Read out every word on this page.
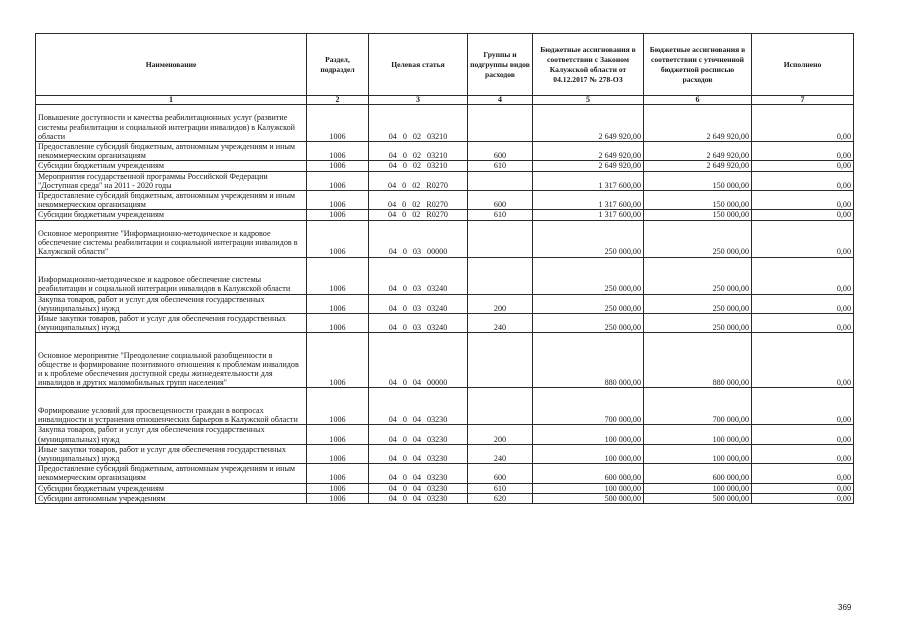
Наименование	Раздел, подраздел	Целевая статья	Группы и подгруппы видов расходов	Бюджетные ассигнования в соответствии с Законом Калужской области от 04.12.2017 № 278-ОЗ	Бюджетные ассигнования в соответствии с уточненной бюджетной росписью расходов	Исполнено
1	2	3	4	5	6	7
Повышение доступности и качества реабилитационных услуг (развитие системы реабилитации и социальной интеграции инвалидов) в Калужской области	1006	04 0 02 03210		2 649 920,00	2 649 920,00	0,00
Предоставление субсидий бюджетным, автономным учреждениям и иным некоммерческим организациям	1006	04 0 02 03210	600	2 649 920,00	2 649 920,00	0,00
Субсидии бюджетным учреждениям	1006	04 0 02 03210	610	2 649 920,00	2 649 920,00	0,00
Мероприятия государственной программы Российской Федерации "Доступная среда" на 2011 - 2020 годы	1006	04 0 02 R0270		1 317 600,00	150 000,00	0,00
Предоставление субсидий бюджетным, автономным учреждениям и иным некоммерческим организациям	1006	04 0 02 R0270	600	1 317 600,00	150 000,00	0,00
Субсидии бюджетным учреждениям	1006	04 0 02 R0270	610	1 317 600,00	150 000,00	0,00
Основное мероприятие "Информационно-методическое и кадровое обеспечение системы реабилитации и социальной интеграции инвалидов в Калужской области"	1006	04 0 03 00000		250 000,00	250 000,00	0,00
Информационно-методическое и кадровое обеспечение системы реабилитации и социальной интеграции инвалидов в Калужской области	1006	04 0 03 03240		250 000,00	250 000,00	0,00
Закупка товаров, работ и услуг для обеспечения государственных (муниципальных) нужд	1006	04 0 03 03240	200	250 000,00	250 000,00	0,00
Иные закупки товаров, работ и услуг для обеспечения государственных (муниципальных) нужд	1006	04 0 03 03240	240	250 000,00	250 000,00	0,00
Основное мероприятие "Преодоление социальной разобщенности в обществе и формирование позитивного отношения к проблемам инвалидов и к проблеме обеспечения доступной среды жизнедеятельности для инвалидов и других маломобильных групп населения"	1006	04 0 04 00000		880 000,00	880 000,00	0,00
Формирование условий для просвещенности граждан в вопросах инвалидности и устранения отношенческих барьеров в Калужской области	1006	04 0 04 03230		700 000,00	700 000,00	0,00
Закупка товаров, работ и услуг для обеспечения государственных (муниципальных) нужд	1006	04 0 04 03230	200	100 000,00	100 000,00	0,00
Иные закупки товаров, работ и услуг для обеспечения государственных (муниципальных) нужд	1006	04 0 04 03230	240	100 000,00	100 000,00	0,00
Предоставление субсидий бюджетным, автономным учреждениям и иным некоммерческим организациям	1006	04 0 04 03230	600	600 000,00	600 000,00	0,00
Субсидии бюджетным учреждениям	1006	04 0 04 03230	610	100 000,00	100 000,00	0,00
Субсидии автономным учреждениям	1006	04 0 04 03230	620	500 000,00	500 000,00	0,00
369
